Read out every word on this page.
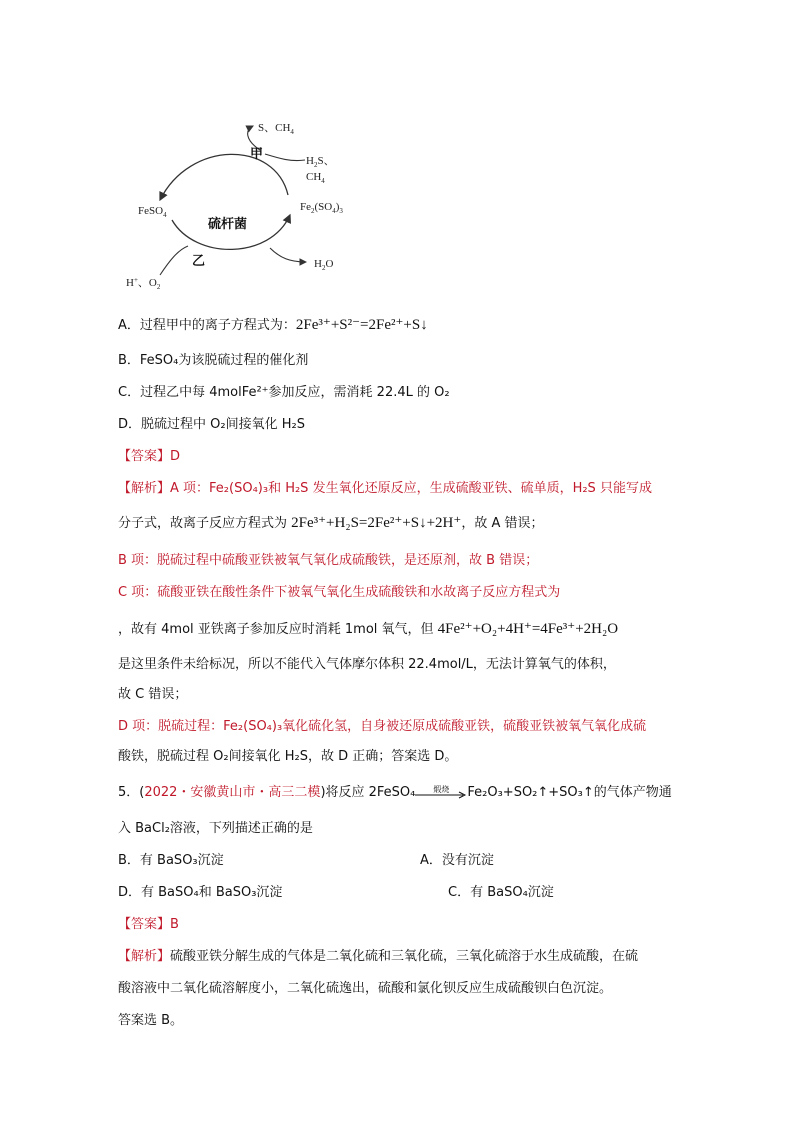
S、$CH_4$
甲	$H_2S$、
$CH_4$
FeSO$_4$
硫杆菌
$Fe_2(SO_4)_3$
乙
H+、$O_2$
$H_2O$
A．过程甲中的离子方程式为：2Fe³⁺+S²⁻=2Fe²⁺+S↓
B．FeSO₄为该脱硫过程的催化剂
C．过程乙中每 4molFe²⁺参加反应，需消耗 22.4L 的 O₂
D．脱硫过程中 O₂间接氧化 H₂S
【答案】D
【解析】A 项：Fe₂(SO₄)₃和 H₂S 发生氧化还原反应，生成硫酸亚铁、硫单质，H₂S 只能写成
分子式，故离子反应方程式为 2Fe³⁺+H₂S=2Fe²⁺+S↓+2H⁺，故 A 错误；
B 项：脱硫过程中硫酸亚铁被氧气氧化成硫酸铁，是还原剂，故 B 错误；
C 项：硫酸亚铁在酸性条件下被氧气氧化生成硫酸铁和水故离子反应方程式为
，故有 4mol 亚铁离子参加反应时消耗 1mol 氧气，但 4Fe²⁺+O₂+4H⁺=4Fe³⁺+2H₂O
是这里条件未给标况，所以不能代入气体摩尔体积 22.4mol/L，无法计算氧气的体积，
故 C 错误；
D 项：脱硫过程：Fe₂(SO₄)₃氧化硫化氢，自身被还原成硫酸亚铁，硫酸亚铁被氧气氧化成硫
酸铁，脱硫过程 O₂间接氧化 H₂S，故 D 正确；答案选 D。
5．(2022・安徽黄山市・高三二模)将反应 2FeSO₄	煅烧	Fe₂O₃+SO₂↑+SO₃↑的气体产物通
入 BaCl₂溶液，下列描述正确的是
B．有 BaSO₃沉淀	A．没有沉淀
D．有 BaSO₄和 BaSO₃沉淀	C．有 BaSO₄沉淀
【答案】B
【解析】硫酸亚铁分解生成的气体是二氧化硫和三氧化硫，三氧化硫溶于水生成硫酸，在硫
酸溶液中二氧化硫溶解度小，二氧化硫逸出，硫酸和氯化钡反应生成硫酸钡白色沉淀。
答案选 B。
